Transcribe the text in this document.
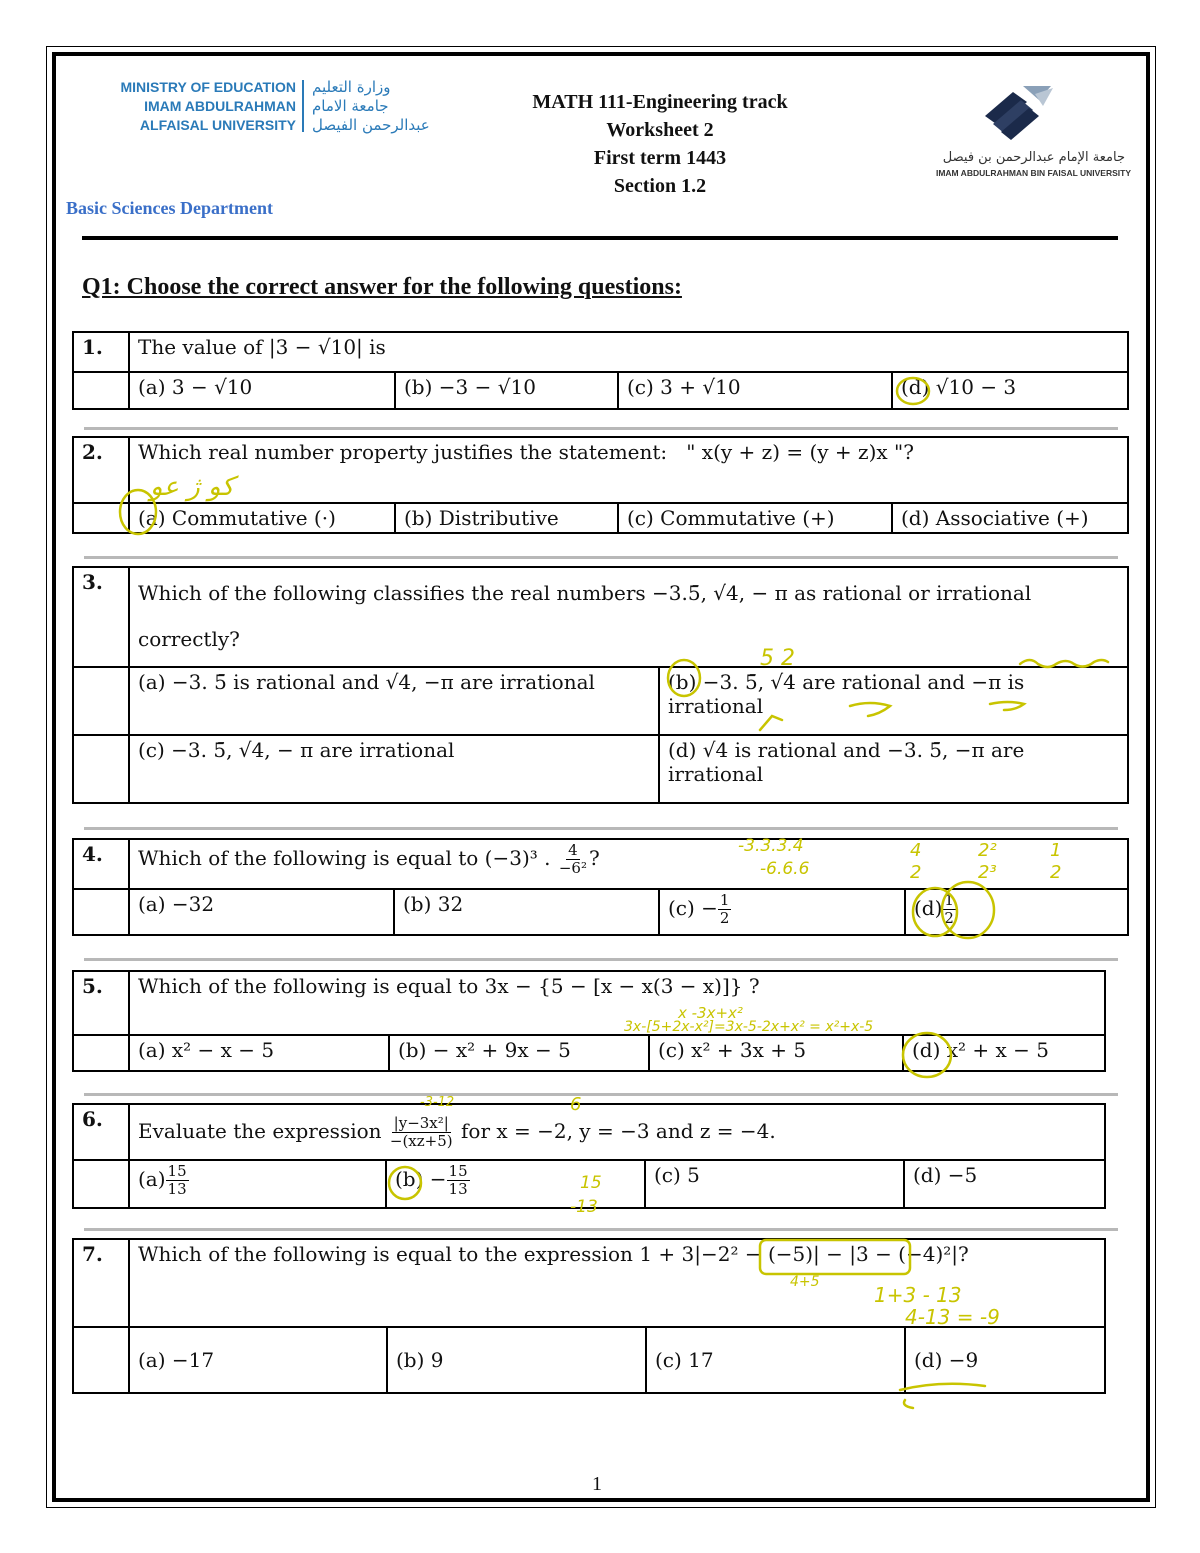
MINISTRY OF EDUCATION
IMAM ABDULRAHMAN
ALFAISAL UNIVERSITY
وزارة التعليم
جامعة الامام
عبدالرحمن الفيصل
Basic Sciences Department
MATH 111-Engineering track
Worksheet 2
First term 1443
Section 1.2
جامعة الإمام عبدالرحمن بن فيصل
IMAM ABDULRAHMAN BIN FAISAL UNIVERSITY
Q1: Choose the correct answer for the following questions:
1.	The value of |3 − √10| is			
	(a) 3 − √10	(b) −3 − √10	(c) 3 + √10	(d) √10 − 3
2.	Which real number property justifies the statement: " x(y + z) = (y + z)x "?			
	(a) Commutative (·)	(b) Distributive	(c) Commutative (+)	(d) Associative (+)
3.	Which of the following classifies the real numbers −3.5̄, √4, − π as rational or irrational correctly?	
	(a) −3. 5̄ is rational and √4, −π are irrational	(b) −3. 5̄, √4 are rational and −π is irrational
	(c) −3. 5̄, √4, − π are irrational	(d) √4 is rational and −3. 5̄, −π are irrational
4.	Which of the following is equal to (−3)³ . $\frac{4}{\text{−6²}}$ ?			
	(a) −32	(b) 32	$(c) - \frac{1}{2}$	$(d) \frac{1}{2}$
5.	Which of the following is equal to 3x − {5 − [x − x(3 − x)]} ?			
	(a) x² − x − 5	(b) − x² + 9x − 5	(c) x² + 3x + 5	(d) x² + x − 5
6.	Evaluate the expression $\frac{\text{|y−3x²|}}{-(xz+5)}$ for x = −2, y = −3 and z = −4.			
	$(a) \frac{15}{13}$	$(b) - \frac{15}{13}$	(c) 5	(d) −5
7.	Which of the following is equal to the expression 1 + 3|−2² − (−5)| − |3 − (−4)²|?			
	(a) −17	(b) 9	(c) 17	(d) −9
1
کو ژ عو
5 2
-3.3.3.4
-6.6.6
4
2
2²
2³
1
2
x -3x+x²
3x-[5+2x-x²]=3x-5-2x+x² = x²+x-5
-3-12	6
15
-13
4+5
1+3 - 13
4-13 = -9
